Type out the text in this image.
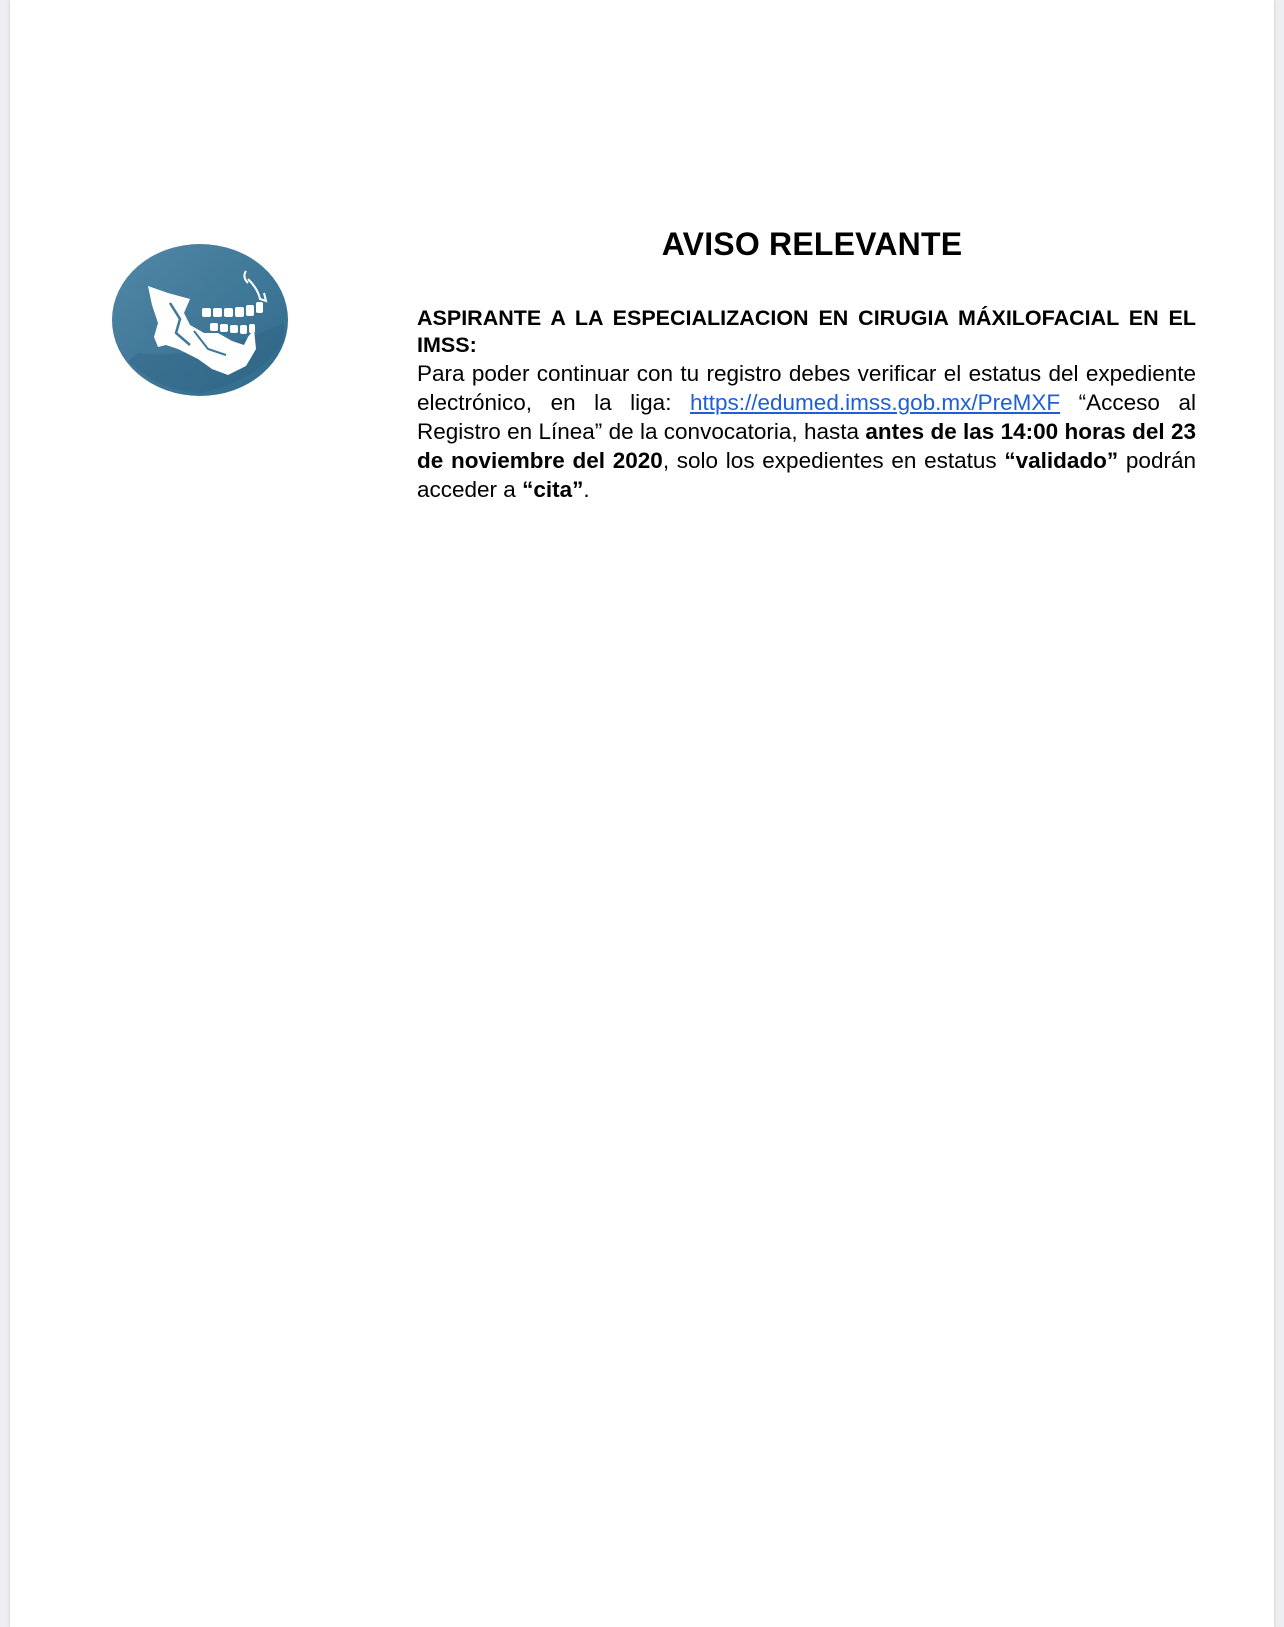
AVISO RELEVANTE

ASPIRANTE A LA ESPECIALIZACION EN CIRUGIA MÁXILOFACIAL EN EL IMSS:

Para poder continuar con tu registro debes verificar el estatus del expediente electrónico, en la liga: https://edumed.imss.gob.mx/PreMXF “Acceso al Registro en Línea” de la convocatoria, hasta antes de las 14:00 horas del 23 de noviembre del 2020, solo los expedientes en estatus “validado” podrán acceder a “cita”.
